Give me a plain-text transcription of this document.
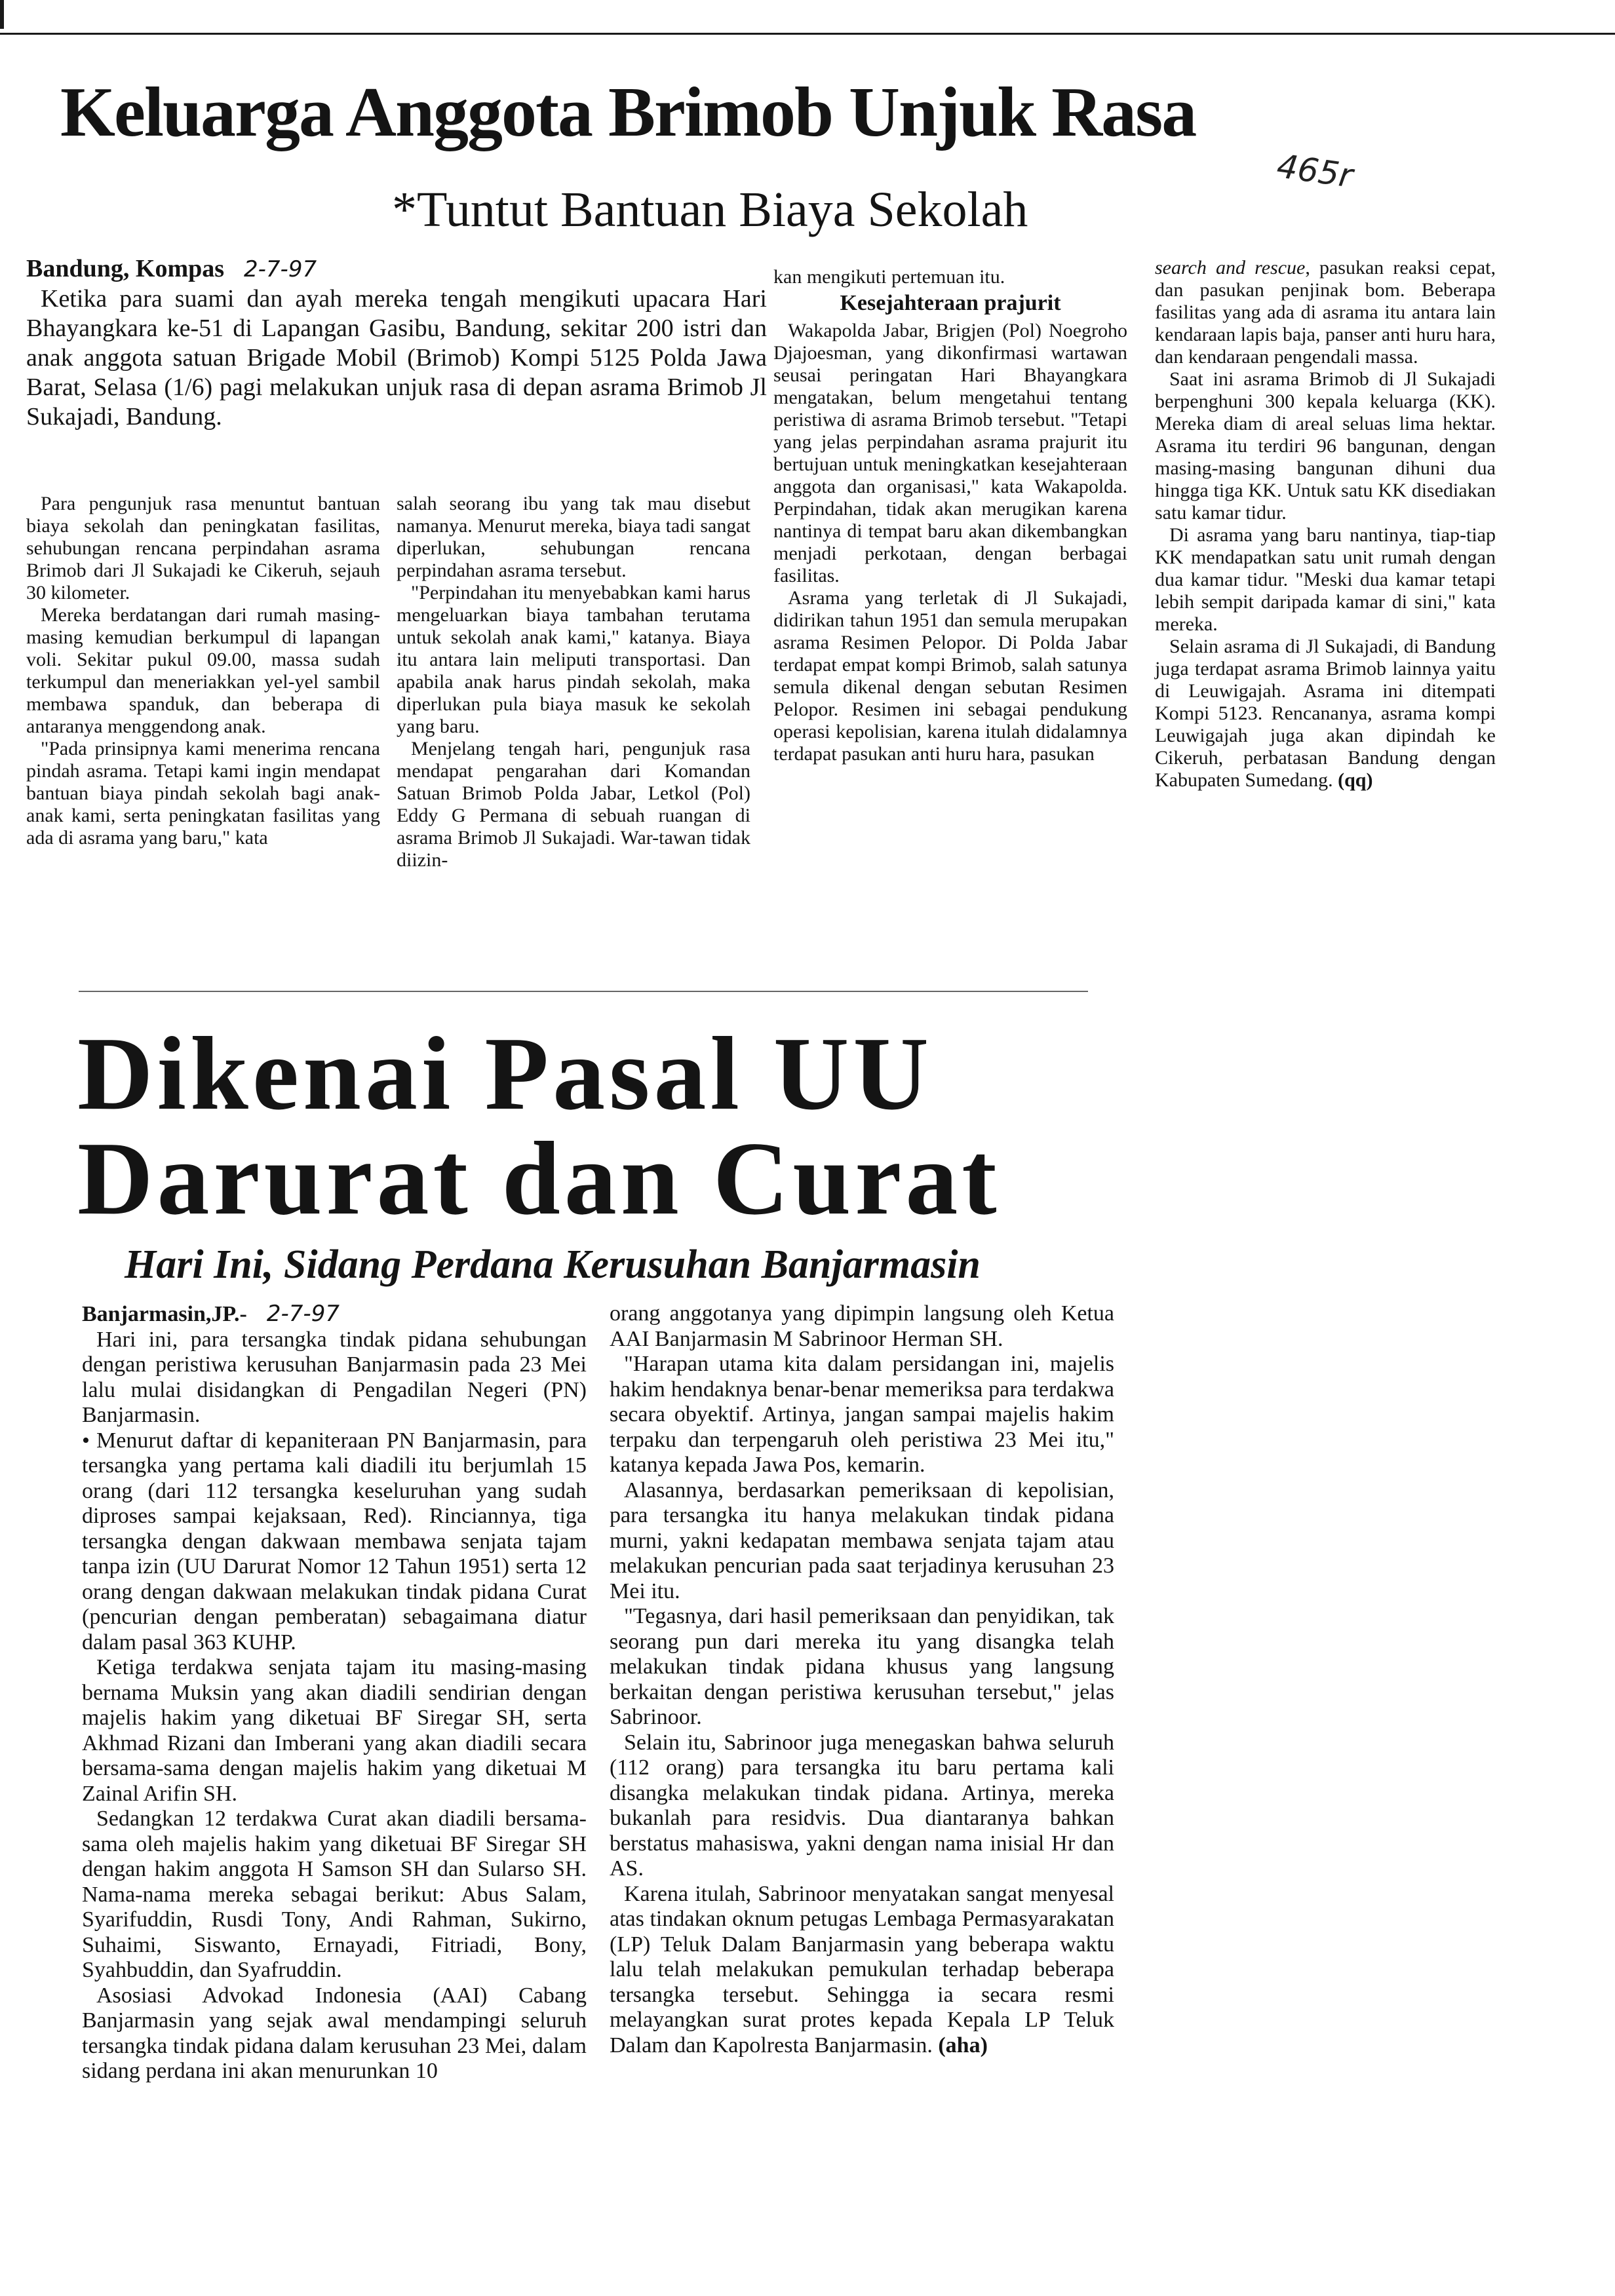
Keluarga Anggota Brimob Unjuk Rasa
*Tuntut Bantuan Biaya Sekolah
465r

Bandung, Kompas 2-7-97

Ketika para suami dan ayah mereka tengah mengikuti upacara Hari Bhayangkara ke-51 di Lapangan Gasibu, Bandung, sekitar 200 istri dan anak anggota satuan Brigade Mobil (Brimob) Kompi 5125 Polda Jawa Barat, Selasa (1/6) pagi melakukan unjuk rasa di depan asrama Brimob Jl Sukajadi, Bandung.

Para pengunjuk rasa menuntut bantuan biaya sekolah dan peningkatan fasilitas, sehubungan rencana perpindahan asrama Brimob dari Jl Sukajadi ke Cikeruh, sejauh 30 kilometer.

Mereka berdatangan dari rumah masing-masing kemudian berkumpul di lapangan voli. Sekitar pukul 09.00, massa sudah terkumpul dan meneriakkan yel-yel sambil membawa spanduk, dan beberapa di antaranya menggendong anak.

"Pada prinsipnya kami menerima rencana pindah asrama. Tetapi kami ingin mendapat bantuan biaya pindah sekolah bagi anak-anak kami, serta peningkatan fasilitas yang ada di asrama yang baru," kata

salah seorang ibu yang tak mau disebut namanya. Menurut mereka, biaya tadi sangat diperlukan, sehubungan rencana perpindahan asrama tersebut.

"Perpindahan itu menyebabkan kami harus mengeluarkan biaya tambahan terutama untuk sekolah anak kami," katanya. Biaya itu antara lain meliputi transportasi. Dan apabila anak harus pindah sekolah, maka diperlukan pula biaya masuk ke sekolah yang baru.

Menjelang tengah hari, pengunjuk rasa mendapat pengarahan dari Komandan Satuan Brimob Polda Jabar, Letkol (Pol) Eddy G Permana di sebuah ruangan di asrama Brimob Jl Sukajadi. War-tawan tidak diizin-

kan mengikuti pertemuan itu.

Kesejahteraan prajurit

Wakapolda Jabar, Brigjen (Pol) Noegroho Djajoesman, yang dikonfirmasi wartawan seusai peringatan Hari Bhayangkara mengatakan, belum mengetahui tentang peristiwa di asrama Brimob tersebut. "Tetapi yang jelas perpindahan asrama prajurit itu bertujuan untuk meningkatkan kesejahteraan anggota dan organisasi," kata Wakapolda. Perpindahan, tidak akan merugikan karena nantinya di tempat baru akan dikembangkan menjadi perkotaan, dengan berbagai fasilitas.

Asrama yang terletak di Jl Sukajadi, didirikan tahun 1951 dan semula merupakan asrama Resimen Pelopor. Di Polda Jabar terdapat empat kompi Brimob, salah satunya semula dikenal dengan sebutan Resimen Pelopor. Resimen ini sebagai pendukung operasi kepolisian, karena itulah didalamnya terdapat pasukan anti huru hara, pasukan

search and rescue, pasukan reaksi cepat, dan pasukan penjinak bom. Beberapa fasilitas yang ada di asrama itu antara lain kendaraan lapis baja, panser anti huru hara, dan kendaraan pengendali massa.

Saat ini asrama Brimob di Jl Sukajadi berpenghuni 300 kepala keluarga (KK). Mereka diam di areal seluas lima hektar. Asrama itu terdiri 96 bangunan, dengan masing-masing bangunan dihuni dua hingga tiga KK. Untuk satu KK disediakan satu kamar tidur.

Di asrama yang baru nantinya, tiap-tiap KK mendapatkan satu unit rumah dengan dua kamar tidur. "Meski dua kamar tetapi lebih sempit daripada kamar di sini," kata mereka.

Selain asrama di Jl Sukajadi, di Bandung juga terdapat asrama Brimob lainnya yaitu di Leuwigajah. Asrama ini ditempati Kompi 5123. Rencananya, asrama kompi Leuwigajah juga akan dipindah ke Cikeruh, perbatasan Bandung dengan Kabupaten Sumedang. (qq)

Dikenai Pasal UU
Darurat dan Curat
Hari Ini, Sidang Perdana Kerusuhan Banjarmasin

Banjarmasin,JP.- 2-7-97

Hari ini, para tersangka tindak pidana sehubungan dengan peristiwa kerusuhan Banjarmasin pada 23 Mei lalu mulai disidangkan di Pengadilan Negeri (PN) Banjarmasin.

• Menurut daftar di kepaniteraan PN Banjarmasin, para tersangka yang pertama kali diadili itu berjumlah 15 orang (dari 112 tersangka keseluruhan yang sudah diproses sampai kejaksaan, Red). Rinciannya, tiga tersangka dengan dakwaan membawa senjata tajam tanpa izin (UU Darurat Nomor 12 Tahun 1951) serta 12 orang dengan dakwaan melakukan tindak pidana Curat (pencurian dengan pemberatan) sebagaimana diatur dalam pasal 363 KUHP.

Ketiga terdakwa senjata tajam itu masing-masing bernama Muksin yang akan diadili sendirian dengan majelis hakim yang diketuai BF Siregar SH, serta Akhmad Rizani dan Imberani yang akan diadili secara bersama-sama dengan majelis hakim yang diketuai M Zainal Arifin SH.

Sedangkan 12 terdakwa Curat akan diadili bersama-sama oleh majelis hakim yang diketuai BF Siregar SH dengan hakim anggota H Samson SH dan Sularso SH. Nama-nama mereka sebagai berikut: Abus Salam, Syarifuddin, Rusdi Tony, Andi Rahman, Sukirno, Suhaimi, Siswanto, Ernayadi, Fitriadi, Bony, Syahbuddin, dan Syafruddin.

Asosiasi Advokad Indonesia (AAI) Cabang Banjarmasin yang sejak awal mendampingi seluruh tersangka tindak pidana dalam kerusuhan 23 Mei, dalam sidang perdana ini akan menurunkan 10

orang anggotanya yang dipimpin langsung oleh Ketua AAI Banjarmasin M Sabrinoor Herman SH.

"Harapan utama kita dalam persidangan ini, majelis hakim hendaknya benar-benar memeriksa para terdakwa secara obyektif. Artinya, jangan sampai majelis hakim terpaku dan terpengaruh oleh peristiwa 23 Mei itu," katanya kepada Jawa Pos, kemarin.

Alasannya, berdasarkan pemeriksaan di kepolisian, para tersangka itu hanya melakukan tindak pidana murni, yakni kedapatan membawa senjata tajam atau melakukan pencurian pada saat terjadinya kerusuhan 23 Mei itu.

"Tegasnya, dari hasil pemeriksaan dan penyidikan, tak seorang pun dari mereka itu yang disangka telah melakukan tindak pidana khusus yang langsung berkaitan dengan peristiwa kerusuhan tersebut," jelas Sabrinoor.

Selain itu, Sabrinoor juga menegaskan bahwa seluruh (112 orang) para tersangka itu baru pertama kali disangka melakukan tindak pidana. Artinya, mereka bukanlah para residvis. Dua diantaranya bahkan berstatus mahasiswa, yakni dengan nama inisial Hr dan AS.

Karena itulah, Sabrinoor menyatakan sangat menyesal atas tindakan oknum petugas Lembaga Permasyarakatan (LP) Teluk Dalam Banjarmasin yang beberapa waktu lalu telah melakukan pemukulan terhadap beberapa tersangka tersebut. Sehingga ia secara resmi melayangkan surat protes kepada Kepala LP Teluk Dalam dan Kapolresta Banjarmasin. (aha)
